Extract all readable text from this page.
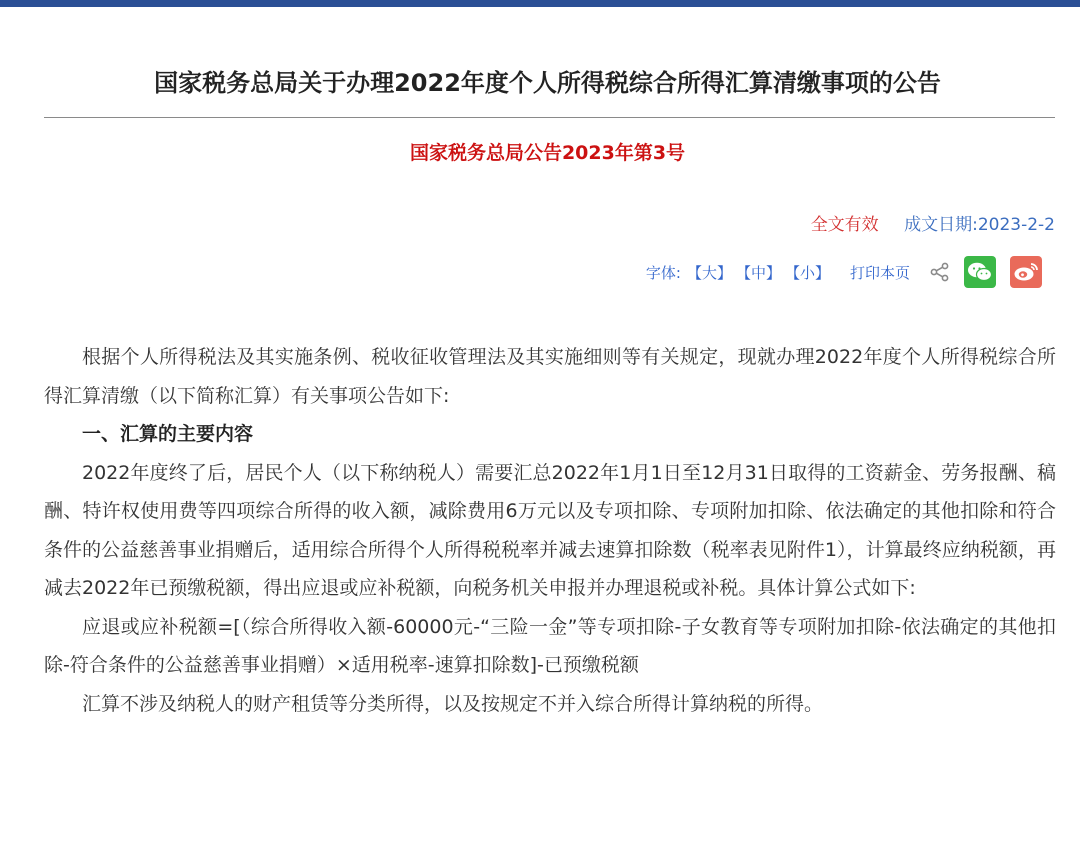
国家税务总局关于办理2022年度个人所得税综合所得汇算清缴事项的公告
国家税务总局公告2023年第3号
全文有效 成文日期:2023-2-2
字体: 【大】 【中】 【小】 打印本页

根据个人所得税法及其实施条例、税收征收管理法及其实施细则等有关规定，现就办理2022年度个人所得税综合所得汇算清缴（以下简称汇算）有关事项公告如下:

一、汇算的主要内容

2022年度终了后，居民个人（以下称纳税人）需要汇总2022年1月1日至12月31日取得的工资薪金、劳务报酬、稿酬、特许权使用费等四项综合所得的收入额，减除费用6万元以及专项扣除、专项附加扣除、依法确定的其他扣除和符合条件的公益慈善事业捐赠后，适用综合所得个人所得税税率并减去速算扣除数（税率表见附件1），计算最终应纳税额，再减去2022年已预缴税额，得出应退或应补税额，向税务机关申报并办理退税或补税。具体计算公式如下:

应退或应补税额=[（综合所得收入额-60000元-“三险一金”等专项扣除-子女教育等专项附加扣除-依法确定的其他扣除-符合条件的公益慈善事业捐赠）×适用税率-速算扣除数]-已预缴税额

汇算不涉及纳税人的财产租赁等分类所得，以及按规定不并入综合所得计算纳税的所得。
